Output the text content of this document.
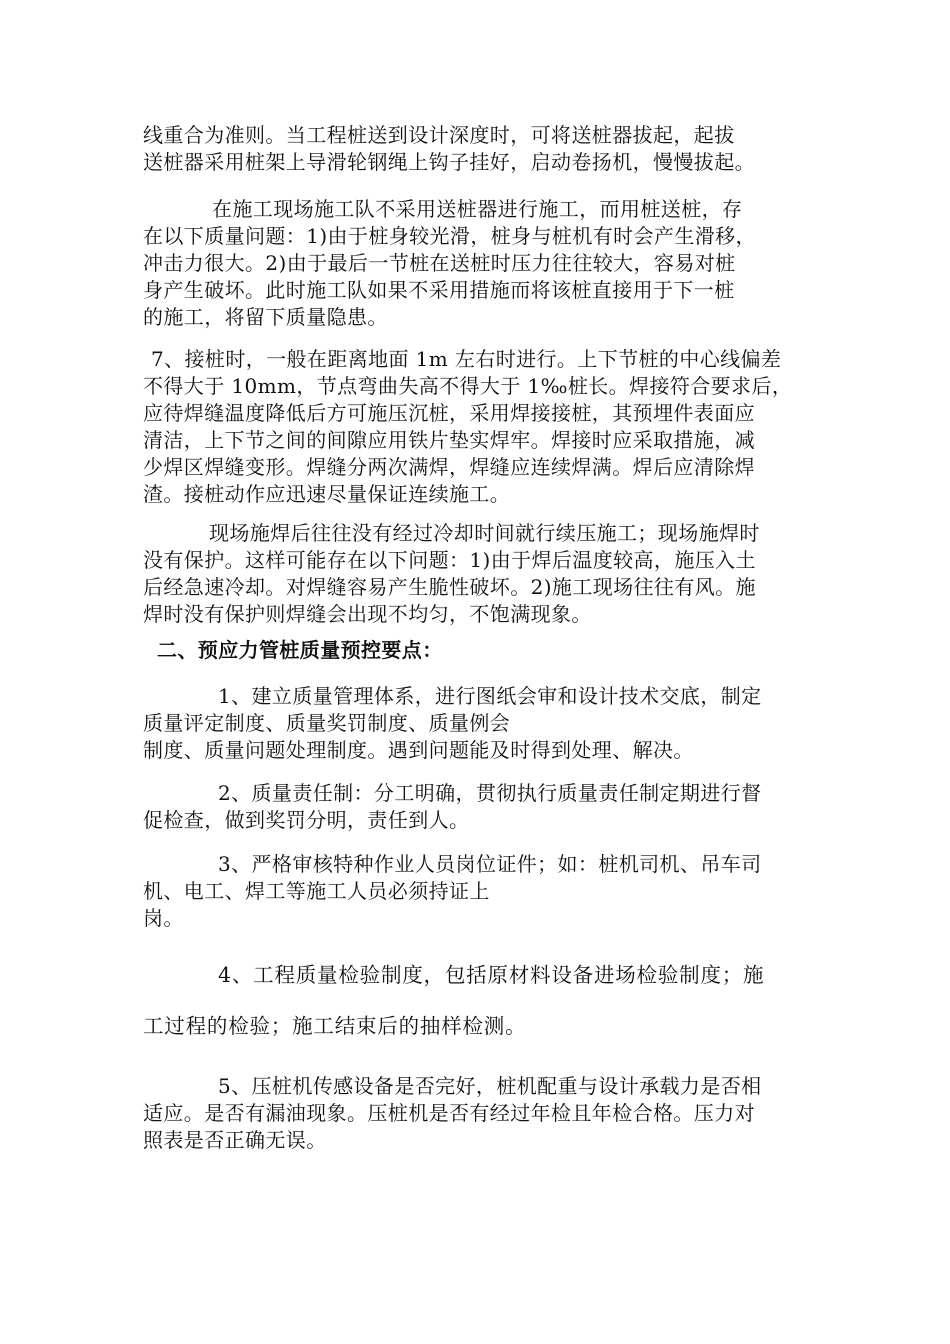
线重合为准则。当工程桩送到设计深度时，可将送桩器拔起，起拔
送桩器采用桩架上导滑轮钢绳上钩子挂好，启动卷扬机，慢慢拔起。
在施工现场施工队不采用送桩器进行施工，而用桩送桩，存
在以下质量问题：1)由于桩身较光滑，桩身与桩机有时会产生滑移，
冲击力很大。2)由于最后一节桩在送桩时压力往往较大，容易对桩
身产生破坏。此时施工队如果不采用措施而将该桩直接用于下一桩
的施工，将留下质量隐患。
7、接桩时，一般在距离地面 1m 左右时进行。上下节桩的中心线偏差
不得大于 10mm，节点弯曲失高不得大于 1‰桩长。焊接符合要求后，
应待焊缝温度降低后方可施压沉桩，采用焊接接桩，其预埋件表面应
清洁，上下节之间的间隙应用铁片垫实焊牢。焊接时应采取措施，减
少焊区焊缝变形。焊缝分两次满焊，焊缝应连续焊满。焊后应清除焊
渣。接桩动作应迅速尽量保证连续施工。
现场施焊后往往没有经过冷却时间就行续压施工；现场施焊时
没有保护。这样可能存在以下问题：1)由于焊后温度较高，施压入土
后经急速冷却。对焊缝容易产生脆性破坏。2)施工现场往往有风。施
焊时没有保护则焊缝会出现不均匀，不饱满现象。
二、预应力管桩质量预控要点：
1、建立质量管理体系，进行图纸会审和设计技术交底，制定
质量评定制度、质量奖罚制度、质量例会
制度、质量问题处理制度。遇到问题能及时得到处理、解决。
2、质量责任制：分工明确，贯彻执行质量责任制定期进行督
促检查，做到奖罚分明，责任到人。
3、严格审核特种作业人员岗位证件；如：桩机司机、吊车司
机、电工、焊工等施工人员必须持证上
岗。
4、工程质量检验制度，包括原材料设备进场检验制度；施
工过程的检验；施工结束后的抽样检测。
5、压桩机传感设备是否完好，桩机配重与设计承载力是否相
适应。是否有漏油现象。压桩机是否有经过年检且年检合格。压力对
照表是否正确无误。
